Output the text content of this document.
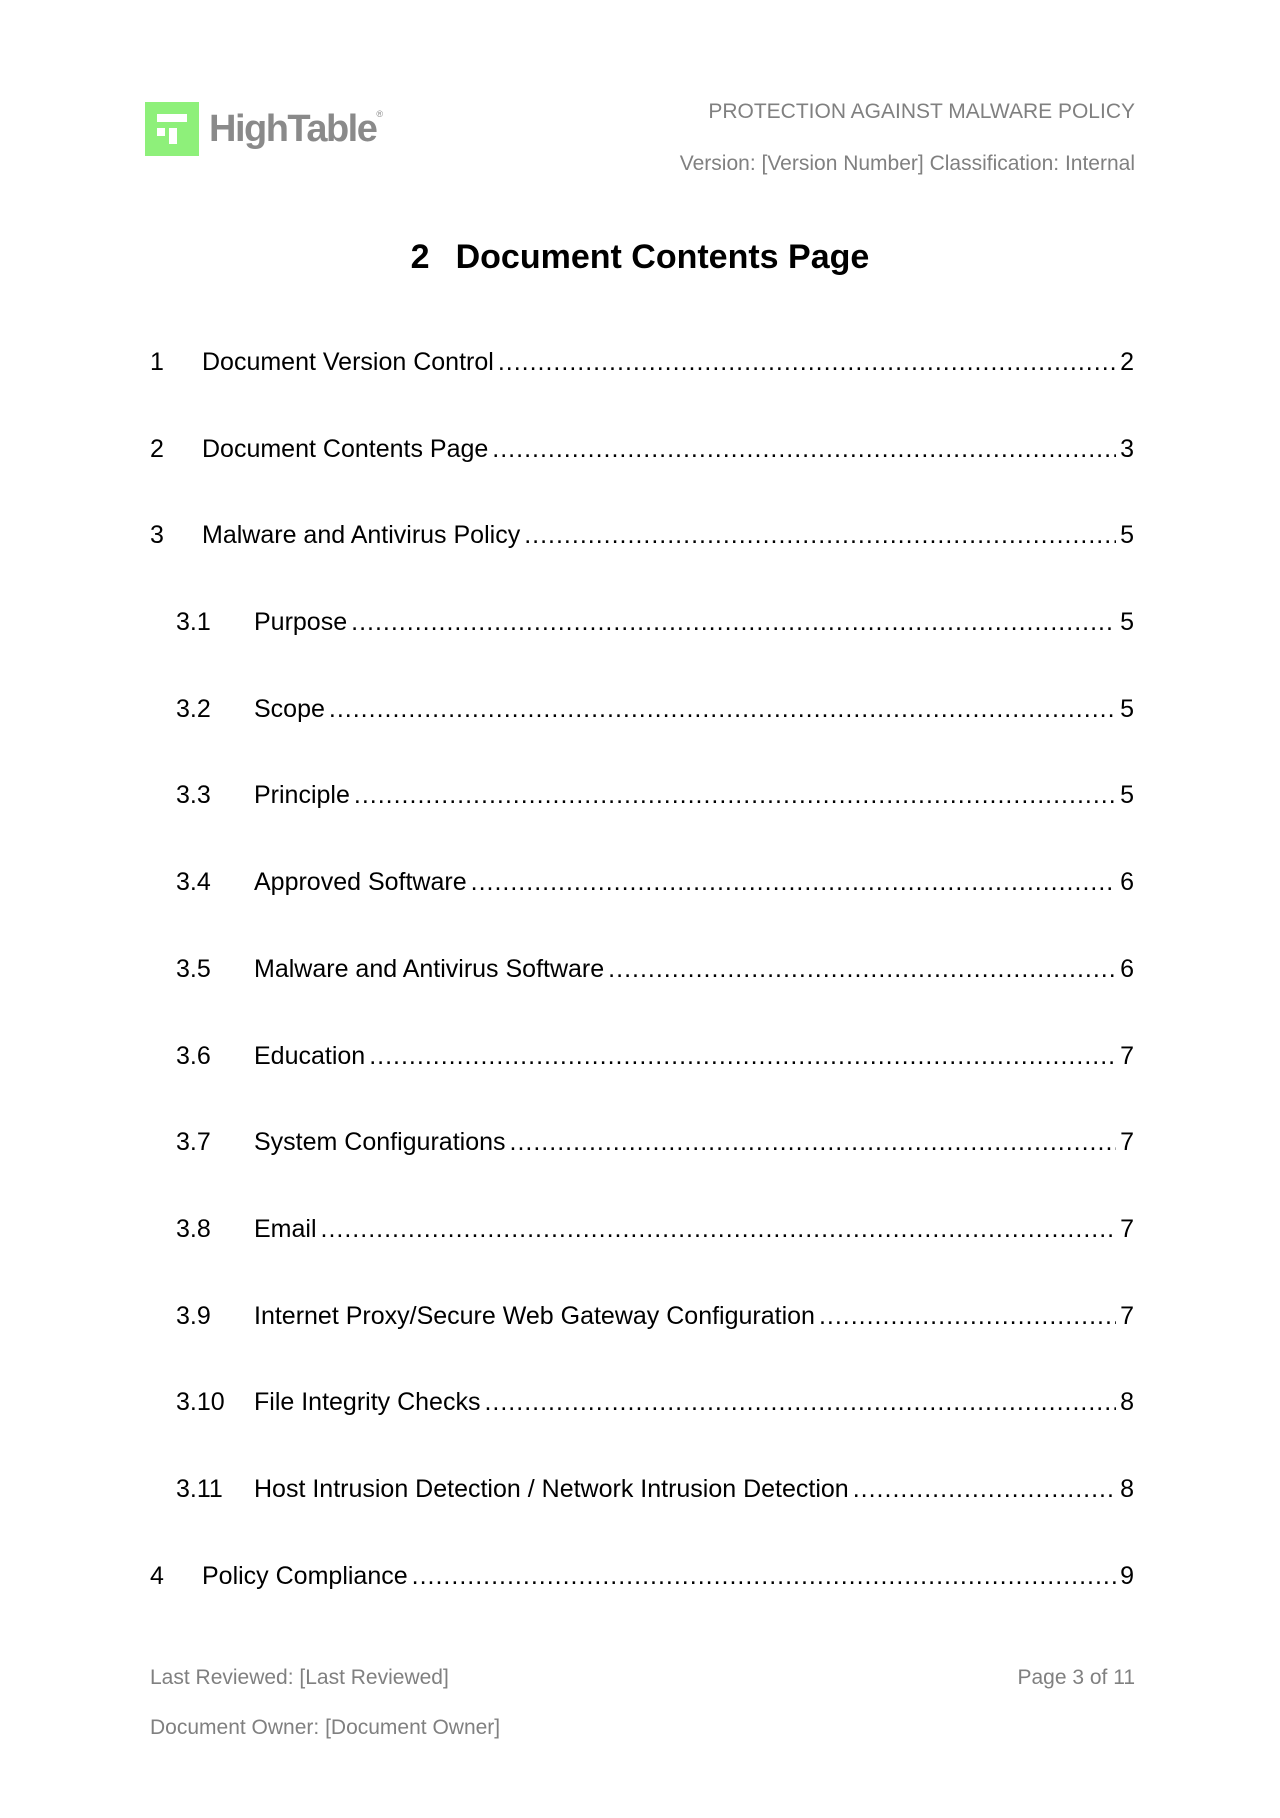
HighTable®	PROTECTION AGAINST MALWARE POLICY
Version: [Version Number] Classification: Internal
2 Document Contents Page
1	Document Version Control .....	2
2	Document Contents Page .....	3
3	Malware and Antivirus Policy .....	5
3.1	Purpose .....	5
3.2	Scope .....	5
3.3	Principle .....	5
3.4	Approved Software .....	6
3.5	Malware and Antivirus Software .....	6
3.6	Education .....	7
3.7	System Configurations .....	7
3.8	Email .....	7
3.9	Internet Proxy/Secure Web Gateway Configuration .....	7
3.10	File Integrity Checks .....	8
3.11	Host Intrusion Detection / Network Intrusion Detection .....	8
4	Policy Compliance .....	9
Last Reviewed: [Last Reviewed]
Document Owner: [Document Owner]
Page 3 of 11
